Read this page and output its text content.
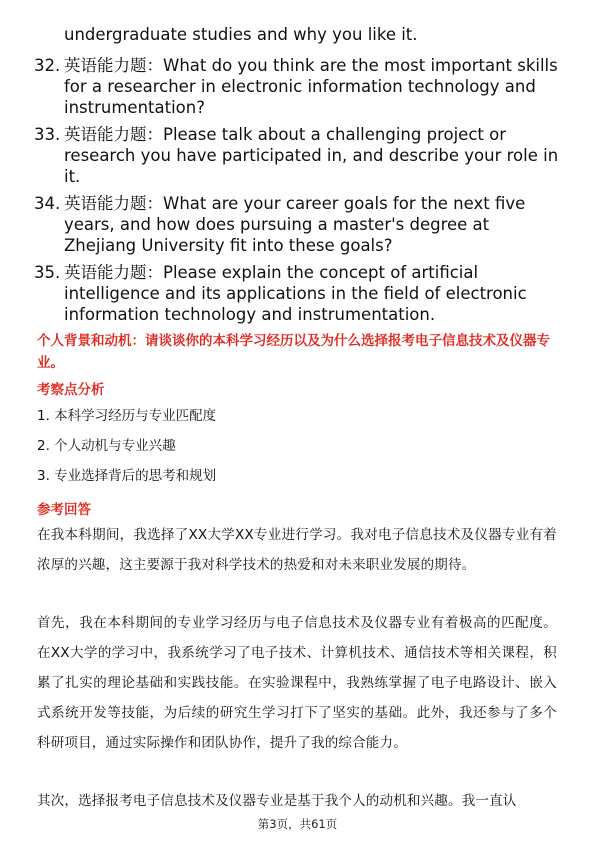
undergraduate studies and why you like it.

32. 英语能力题：What do you think are the most important skills for a researcher in electronic information technology and instrumentation?
33. 英语能力题：Please talk about a challenging project or research you have participated in, and describe your role in it.
34. 英语能力题：What are your career goals for the next five years, and how does pursuing a master's degree at Zhejiang University fit into these goals?
35. 英语能力题：Please explain the concept of artificial intelligence and its applications in the field of electronic information technology and instrumentation.

个人背景和动机：请谈谈你的本科学习经历以及为什么选择报考电子信息技术及仪器专业。

考察点分析

1. 本科学习经历与专业匹配度
2. 个人动机与专业兴趣
3. 专业选择背后的思考和规划

参考回答

在我本科期间，我选择了XX大学XX专业进行学习。我对电子信息技术及仪器专业有着浓厚的兴趣，这主要源于我对科学技术的热爱和对未来职业发展的期待。

首先，我在本科期间的专业学习经历与电子信息技术及仪器专业有着极高的匹配度。在XX大学的学习中，我系统学习了电子技术、计算机技术、通信技术等相关课程，积累了扎实的理论基础和实践技能。在实验课程中，我熟练掌握了电子电路设计、嵌入式系统开发等技能，为后续的研究生学习打下了坚实的基础。此外，我还参与了多个科研项目，通过实际操作和团队协作，提升了我的综合能力。

其次，选择报考电子信息技术及仪器专业是基于我个人的动机和兴趣。我一直认

第3页，共61页
